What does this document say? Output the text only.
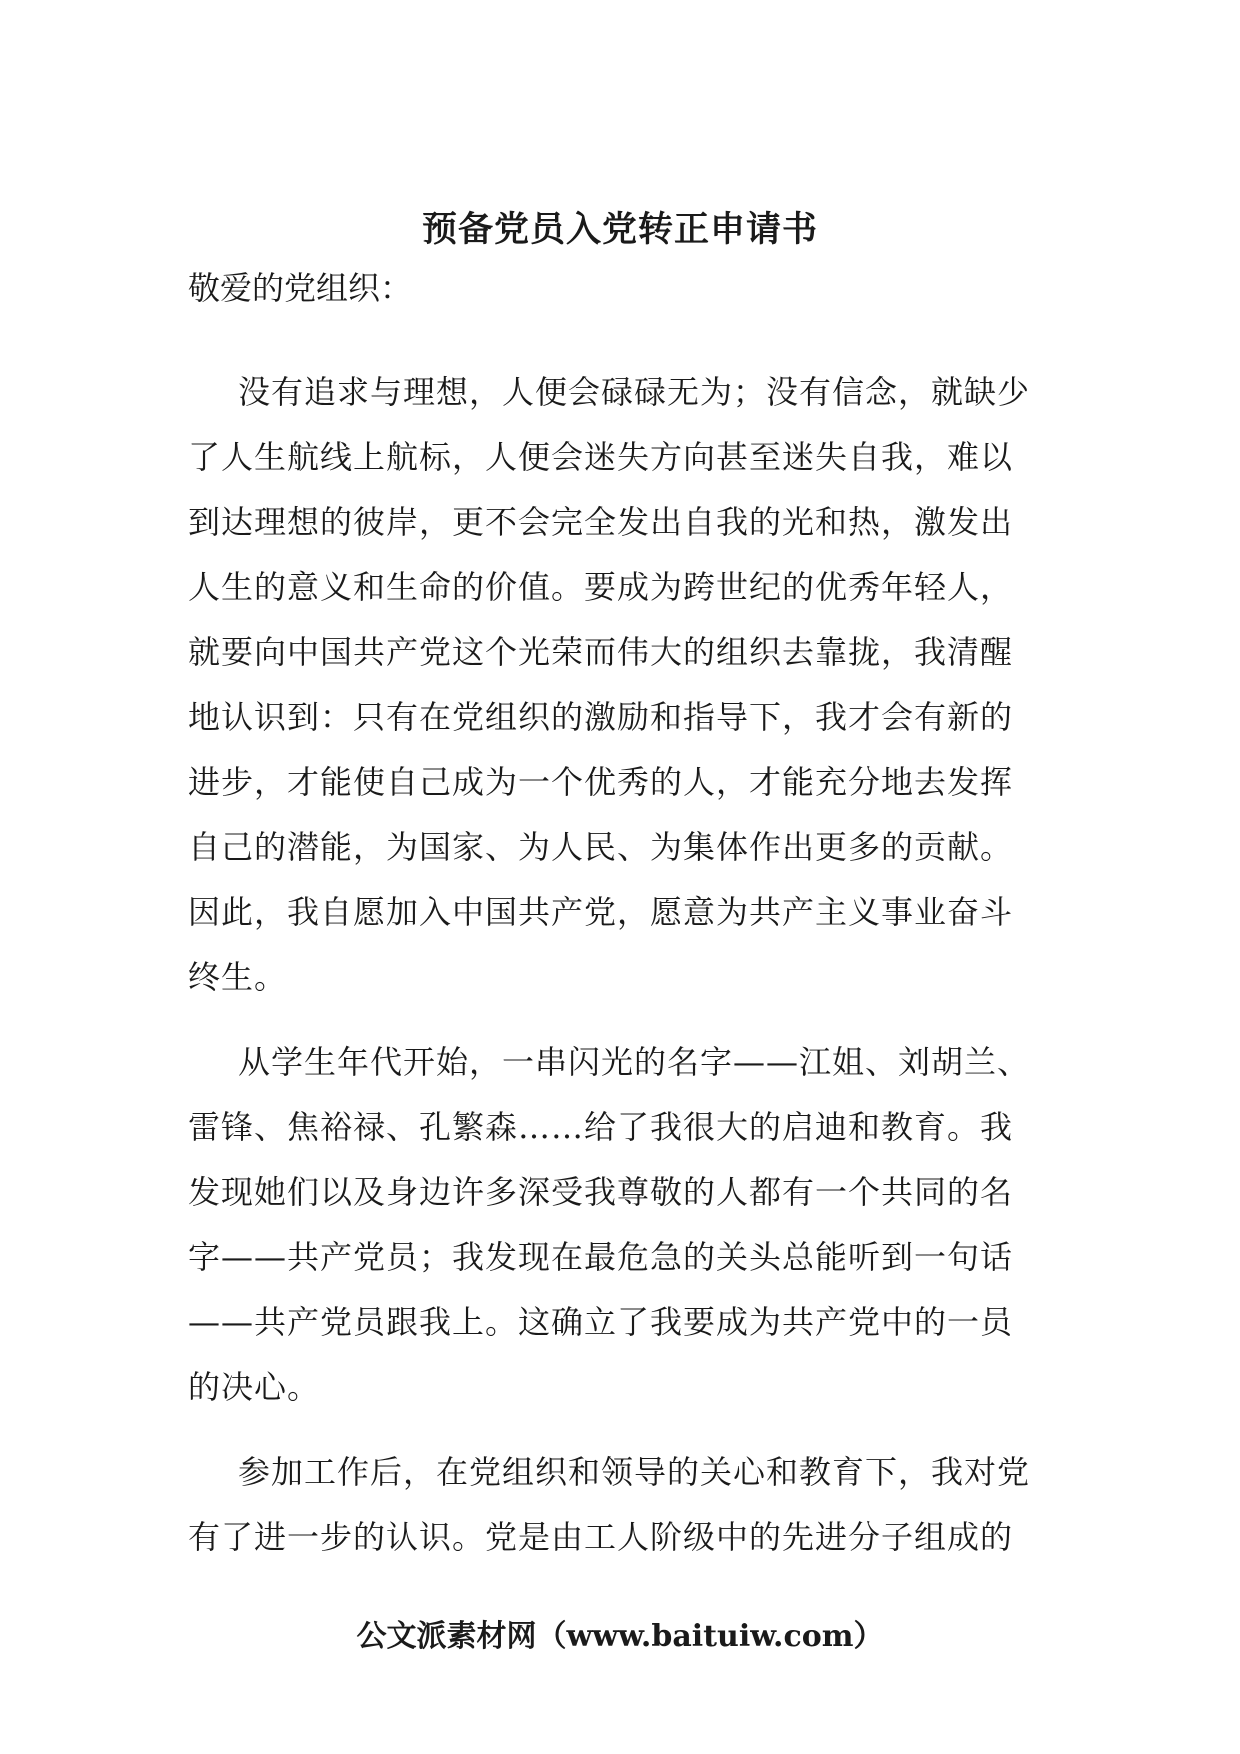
预备党员入党转正申请书

敬爱的党组织：

没有追求与理想，人便会碌碌无为；没有信念，就缺少
了人生航线上航标，人便会迷失方向甚至迷失自我，难以
到达理想的彼岸，更不会完全发出自我的光和热，激发出
人生的意义和生命的价值。要成为跨世纪的优秀年轻人，
就要向中国共产党这个光荣而伟大的组织去靠拢，我清醒
地认识到：只有在党组织的激励和指导下，我才会有新的
进步，才能使自己成为一个优秀的人，才能充分地去发挥
自己的潜能，为国家、为人民、为集体作出更多的贡献。
因此，我自愿加入中国共产党，愿意为共产主义事业奋斗
终生。
从学生年代开始，一串闪光的名字——江姐、刘胡兰、
雷锋、焦裕禄、孔繁森……给了我很大的启迪和教育。我
发现她们以及身边许多深受我尊敬的人都有一个共同的名
字——共产党员；我发现在最危急的关头总能听到一句话
——共产党员跟我上。这确立了我要成为共产党中的一员
的决心。
参加工作后，在党组织和领导的关心和教育下，我对党
有了进一步的认识。党是由工人阶级中的先进分子组成的

公文派素材网（www.baituiw.com）
